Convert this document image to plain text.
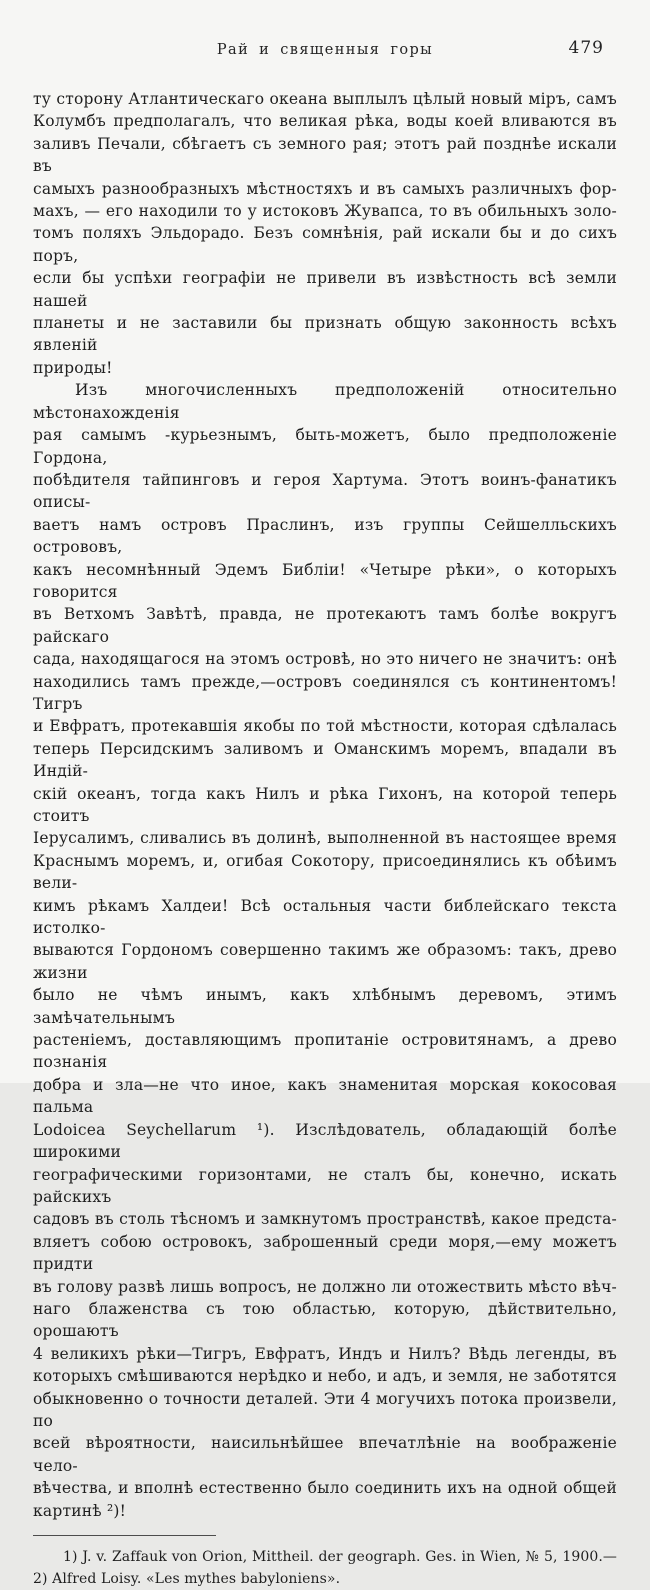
Рай и священныя горы	479
ту сторону Атлантическаго океана выплылъ цѣлый новый міръ, самъ
Колумбъ предполагалъ, что великая рѣка, воды коей вливаются въ
заливъ Печали, сбѣгаетъ съ земного рая; этотъ рай позднѣе искали въ
самыхъ разнообразныхъ мѣстностяхъ и въ самыхъ различныхъ фор-
махъ, — его находили то у истоковъ Жувапса, то въ обильныхъ золо-
томъ поляхъ Эльдорадо. Безъ сомнѣнія, рай искали бы и до сихъ поръ,
если бы успѣхи географіи не привели въ извѣстность всѣ земли нашей
планеты и не заставили бы признать общую законность всѣхъ явленій
природы!
Изъ многочисленныхъ предположеній относительно мѣстонахожденія
рая самымъ -курьезнымъ, быть-можетъ, было предположеніе Гордона,
побѣдителя тайпинговъ и героя Хартума. Этотъ воинъ-фанатикъ описы-
ваетъ намъ островъ Праслинъ, изъ группы Сейшелльскихъ острововъ,
какъ несомнѣнный Эдемъ Библіи! «Четыре рѣки», о которыхъ говорится
въ Ветхомъ Завѣтѣ, правда, не протекаютъ тамъ болѣе вокругъ райскаго
сада, находящагося на этомъ островѣ, но это ничего не значитъ: онѣ
находились тамъ прежде,—островъ соединялся съ континентомъ! Тигръ
и Евфратъ, протекавшія якобы по той мѣстности, которая сдѣлалась
теперь Персидскимъ заливомъ и Оманскимъ моремъ, впадали въ Индій-
скій океанъ, тогда какъ Нилъ и рѣка Гихонъ, на которой теперь стоитъ
Іерусалимъ, сливались въ долинѣ, выполненной въ настоящее время
Краснымъ моремъ, и, огибая Сокотору, присоединялись къ обѣимъ вели-
кимъ рѣкамъ Халдеи! Всѣ остальныя части библейскаго текста истолко-
вываются Гордономъ совершенно такимъ же образомъ: такъ, древо жизни
было не чѣмъ инымъ, какъ хлѣбнымъ деревомъ, этимъ замѣчательнымъ
растеніемъ, доставляющимъ пропитаніе островитянамъ, а древо познанія
добра и зла—не что иное, какъ знаменитая морская кокосовая пальма
Lodoicea Seychellarum ¹). Изслѣдователь, обладающій болѣе широкими
географическими горизонтами, не сталъ бы, конечно, искать райскихъ
садовъ въ столь тѣсномъ и замкнутомъ пространствѣ, какое предста-
вляетъ собою островокъ, заброшенный среди моря,—ему можетъ придти
въ голову развѣ лишь вопросъ, не должно ли отожествить мѣсто вѣч-
наго блаженства съ тою областью, которую, дѣйствительно, орошаютъ
4 великихъ рѣки—Тигръ, Евфратъ, Индъ и Нилъ? Вѣдь легенды, въ
которыхъ смѣшиваются нерѣдко и небо, и адъ, и земля, не заботятся
обыкновенно о точности деталей. Эти 4 могучихъ потока произвели, по
всей вѣроятности, наисильнѣйшее впечатлѣніе на воображеніе чело-
вѣчества, и вполнѣ естественно было соединить ихъ на одной общей
картинѣ ²)!
1) J. v. Zaffauk von Orion, Mittheil. der geograph. Ges. in Wien, № 5, 1900.—
2) Alfred Loisy. «Les mythes babyloniens».
